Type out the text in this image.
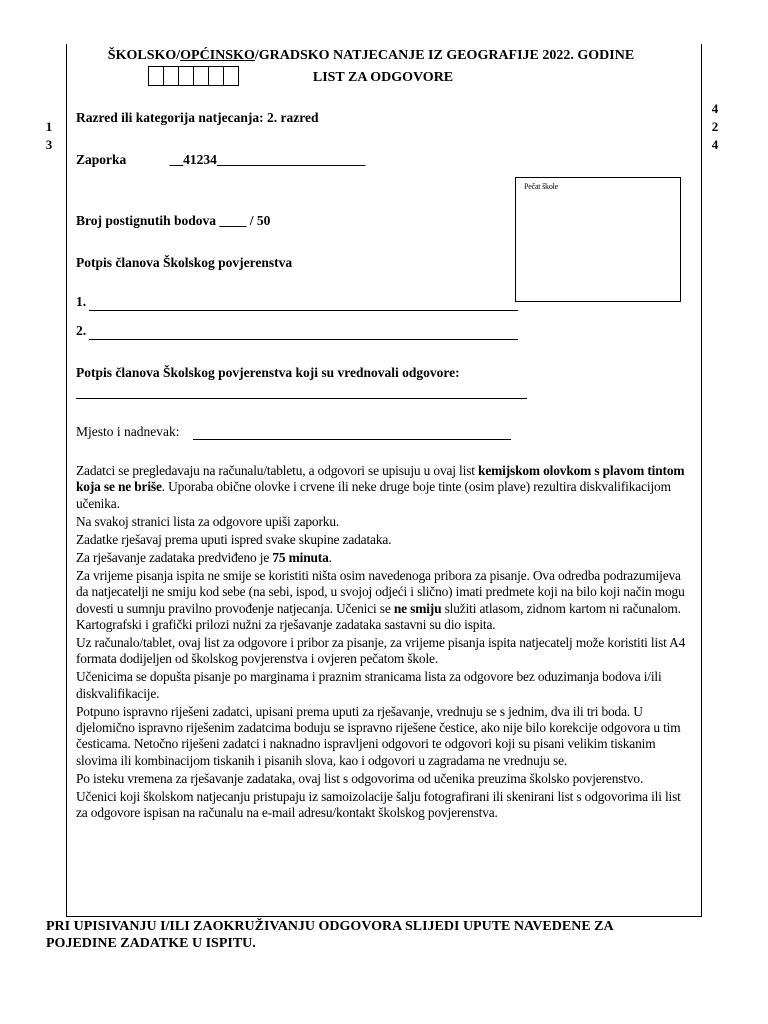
ŠKOLSKO/OPĆINSKO/GRADSKO NATJECANJE IZ GEOGRAFIJE 2022. GODINE
LIST ZA ODGOVORE
1
3
4
2
4
Razred ili kategorija natjecanja: 2. razred
Zaporka	__41234______________________
Broj postignutih bodova ____ / 50
Potpis članova Školskog povjerenstva
1.
2.
Potpis članova Školskog povjerenstva koji su vrednovali odgovore:
Mjesto i nadnevak:
Pečat škole

Zadatci se pregledavaju na računalu/tabletu, a odgovori se upisuju u ovaj list kemijskom olovkom s plavom tintom koja se ne briše. Uporaba obične olovke i crvene ili neke druge boje tinte (osim plave) rezultira diskvalifikacijom učenika.

Na svakoj stranici lista za odgovore upiši zaporku.

Zadatke rješavaj prema uputi ispred svake skupine zadataka.

Za rješavanje zadataka predviđeno je 75 minuta.

Za vrijeme pisanja ispita ne smije se koristiti ništa osim navedenoga pribora za pisanje. Ova odredba podrazumijeva da natjecatelji ne smiju kod sebe (na sebi, ispod, u svojoj odjeći i slično) imati predmete koji na bilo koji način mogu dovesti u sumnju pravilno provođenje natjecanja. Učenici se ne smiju služiti atlasom, zidnom kartom ni računalom. Kartografski i grafički prilozi nužni za rješavanje zadataka sastavni su dio ispita.

Uz računalo/tablet, ovaj list za odgovore i pribor za pisanje, za vrijeme pisanja ispita natjecatelj može koristiti list A4 formata dodijeljen od školskog povjerenstva i ovjeren pečatom škole.

Učenicima se dopušta pisanje po marginama i praznim stranicama lista za odgovore bez oduzimanja bodova i/ili diskvalifikacije.

Potpuno ispravno riješeni zadatci, upisani prema uputi za rješavanje, vrednuju se s jednim, dva ili tri boda. U djelomično ispravno riješenim zadatcima boduju se ispravno riješene čestice, ako nije bilo korekcije odgovora u tim česticama. Netočno riješeni zadatci i naknadno ispravljeni odgovori te odgovori koji su pisani velikim tiskanim slovima ili kombinacijom tiskanih i pisanih slova, kao i odgovori u zagradama ne vrednuju se.

Po isteku vremena za rješavanje zadataka, ovaj list s odgovorima od učenika preuzima školsko povjerenstvo.

Učenici koji školskom natjecanju pristupaju iz samoizolacije šalju fotografirani ili skenirani list s odgovorima ili list za odgovore ispisan na računalu na e-mail adresu/kontakt školskog povjerenstva.

PRI UPISIVANJU I/ILI ZAOKRUŽIVANJU ODGOVORA SLIJEDI UPUTE NAVEDENE ZA POJEDINE ZADATKE U ISPITU.
